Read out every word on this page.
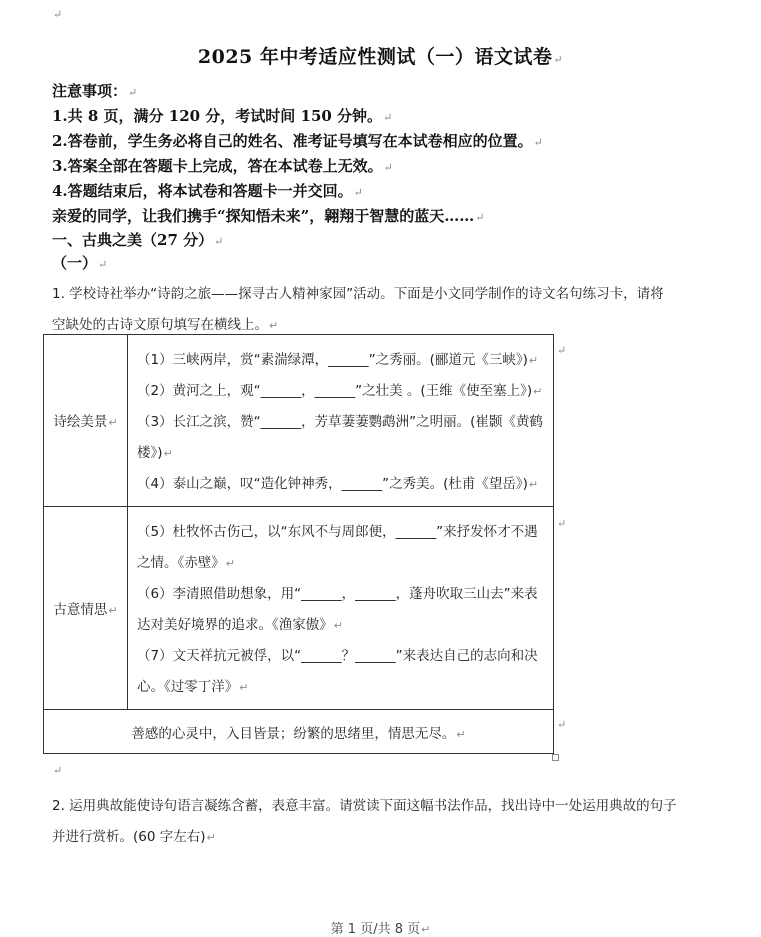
↵
2025 年中考适应性测试（一）语文试卷↵
注意事项：↵
1.共 8 页，满分 120 分，考试时间 150 分钟。↵
2.答卷前，学生务必将自己的姓名、准考证号填写在本试卷相应的位置。↵
3.答案全部在答题卡上完成，答在本试卷上无效。↵
4.答题结束后，将本试卷和答题卡一并交回。↵
亲爱的同学，让我们携手“探知悟未来”，翱翔于智慧的蓝天……↵
一、古典之美（27 分）↵
（一）↵
1. 学校诗社举办“诗韵之旅——探寻古人精神家园”活动。下面是小文同学制作的诗文名句练习卡，请将
空缺处的古诗文原句填写在横线上。↵
诗绘美景↵	（1）三峡两岸，赏“素湍绿潭，______”之秀丽。(郦道元《三峡》)↵
（2）黄河之上，观“______，______”之壮美 。(王维《使至塞上》)↵
（3）长江之滨，赞“______，芳草萋萋鹦鹉洲”之明丽。(崔颢《黄鹤楼》)↵
（4）泰山之巅，叹“造化钟神秀，______”之秀美。(杜甫《望岳》)↵

古意情思↵	（5）杜牧怀古伤己，以“东风不与周郎便，______”来抒发怀才不遇之情。《赤壁》↵
（6）李清照借助想象，用“______，______，蓬舟吹取三山去”来表达对美好境界的追求。《渔家傲》↵
（7）文天祥抗元被俘，以“______？______”来表达自己的志向和决心。《过零丁洋》↵

善感的心灵中，入目皆景；纷繁的思绪里，情思无尽。↵	
↵
↵
↵
↵
2. 运用典故能使诗句语言凝练含蓄，表意丰富。请赏读下面这幅书法作品，找出诗中一处运用典故的句子
并进行赏析。(60 字左右)↵
第 1 页/共 8 页↵
